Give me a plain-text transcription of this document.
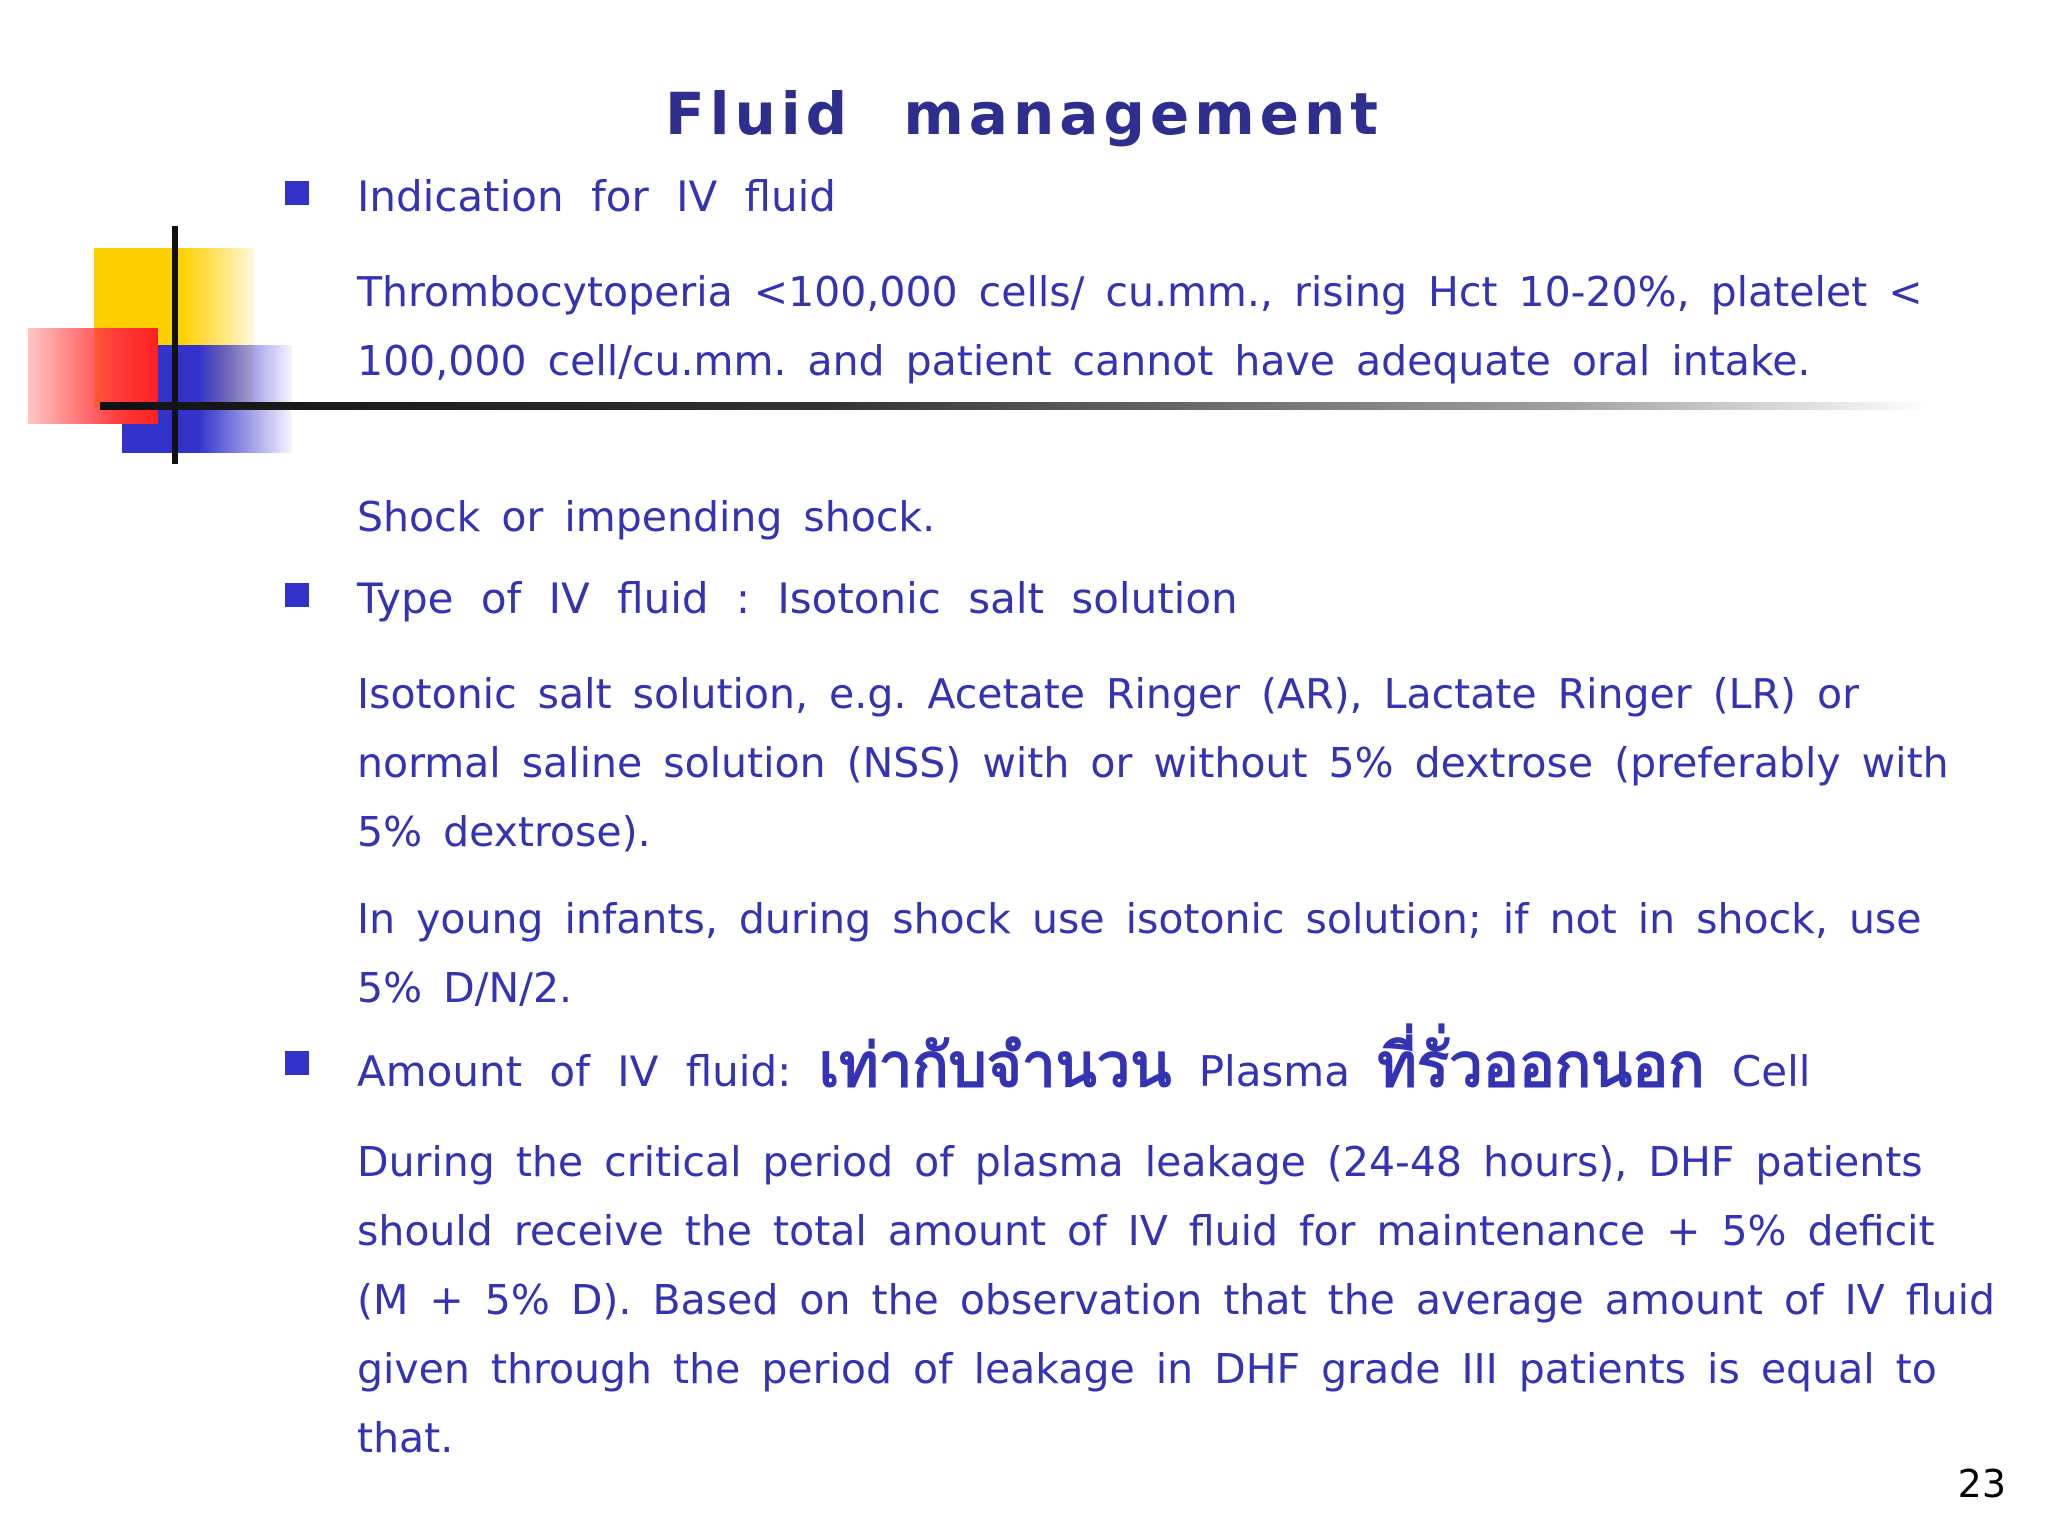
Fluid management
Indication for IV fluid

Thrombocytoperia <100,000 cells/ cu.mm., rising Hct 10-20%, platelet < 100,000 cell/cu.mm. and patient cannot have adequate oral intake.

Shock or impending shock.

Type of IV fluid : Isotonic salt solution

Isotonic salt solution, e.g. Acetate Ringer (AR), Lactate Ringer (LR) or normal saline solution (NSS) with or without 5% dextrose (preferably with 5% dextrose).

In young infants, during shock use isotonic solution; if not in shock, use 5% D/N/2.

Amount of IV fluid: เท่ากับจำนวน Plasma ที่รั่วออกนอก Cell

During the critical period of plasma leakage (24-48 hours), DHF patients should receive the total amount of IV fluid for maintenance + 5% deficit (M + 5% D). Based on the observation that the average amount of IV fluid given through the period of leakage in DHF grade III patients is equal to that.

23
